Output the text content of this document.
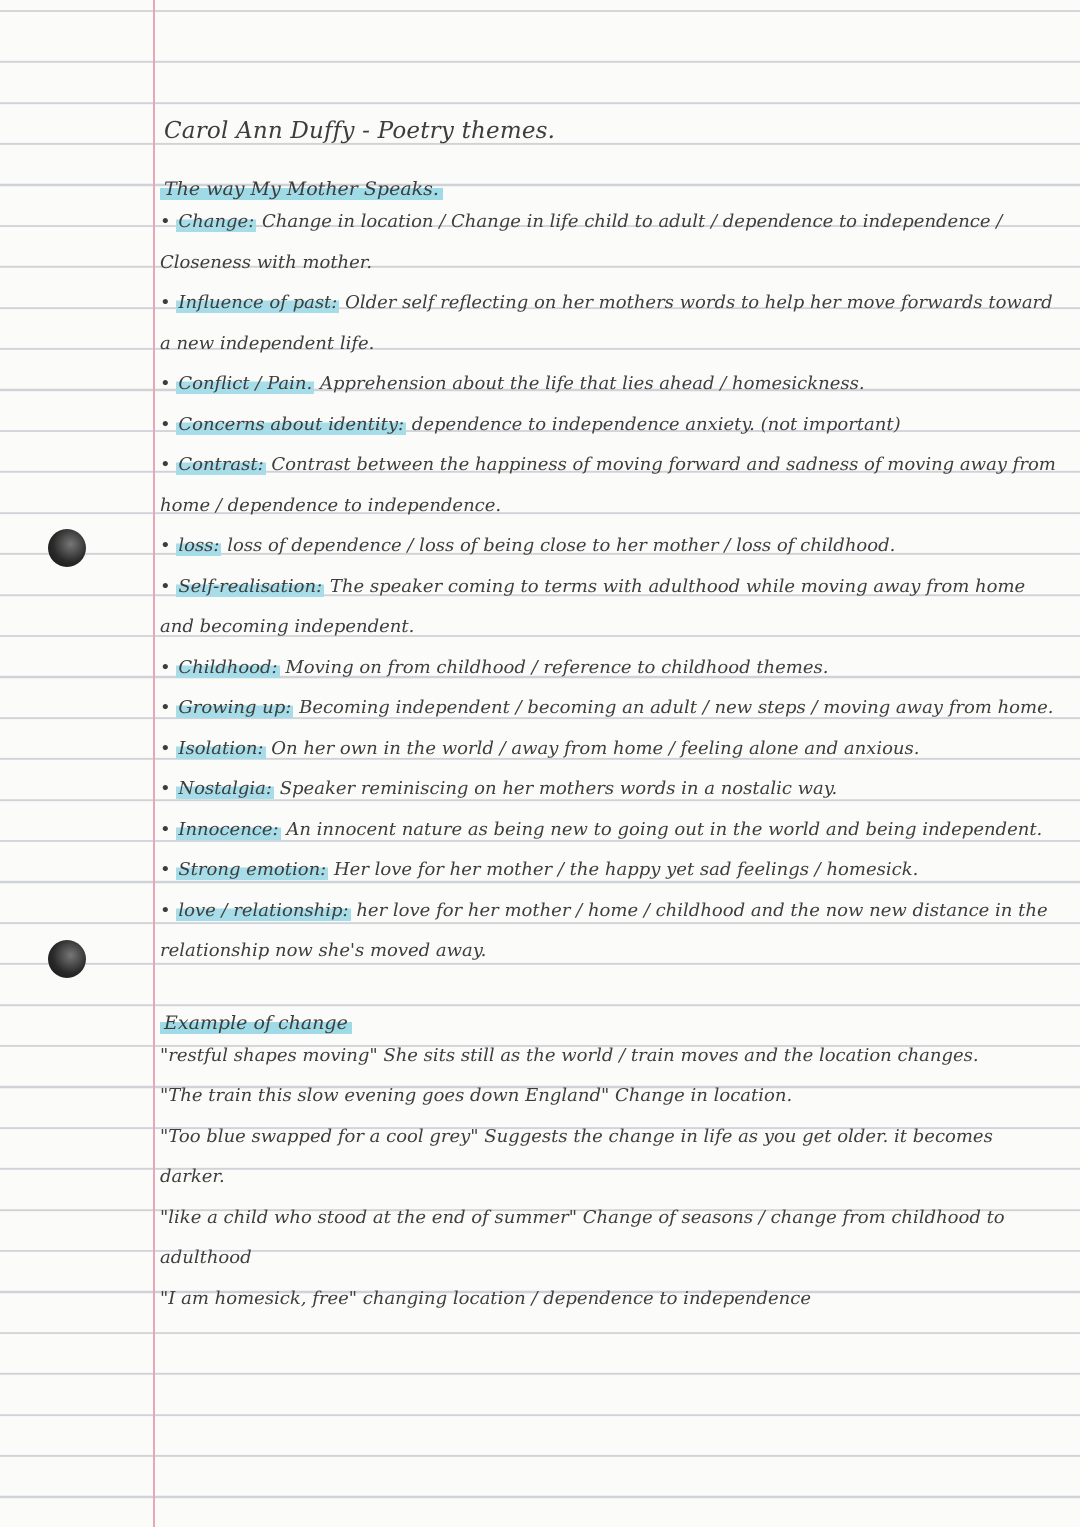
Carol Ann Duffy - Poetry themes.
The way My Mother Speaks.

• Change: Change in location / Change in life child to adult / dependence to independence / Closeness with mother.

• Influence of past: Older self reflecting on her mothers words to help her move forwards toward a new independent life.

• Conflict / Pain. Apprehension about the life that lies ahead / homesickness.

• Concerns about identity: dependence to independence anxiety. (not important)

• Contrast: Contrast between the happiness of moving forward and sadness of moving away from home / dependence to independence.

• loss: loss of dependence / loss of being close to her mother / loss of childhood.

• Self-realisation: The speaker coming to terms with adulthood while moving away from home and becoming independent.

• Childhood: Moving on from childhood / reference to childhood themes.

• Growing up: Becoming independent / becoming an adult / new steps / moving away from home.

• Isolation: On her own in the world / away from home / feeling alone and anxious.

• Nostalgia: Speaker reminiscing on her mothers words in a nostalic way.

• Innocence: An innocent nature as being new to going out in the world and being independent.

• Strong emotion: Her love for her mother / the happy yet sad feelings / homesick.

• love / relationship: her love for her mother / home / childhood and the now new distance in the relationship now she's moved away.

Example of change

"restful shapes moving" She sits still as the world / train moves and the location changes.

"The train this slow evening goes down England" Change in location.

"Too blue swapped for a cool grey" Suggests the change in life as you get older. it becomes darker.

"like a child who stood at the end of summer" Change of seasons / change from childhood to adulthood

"I am homesick, free" changing location / dependence to independence
